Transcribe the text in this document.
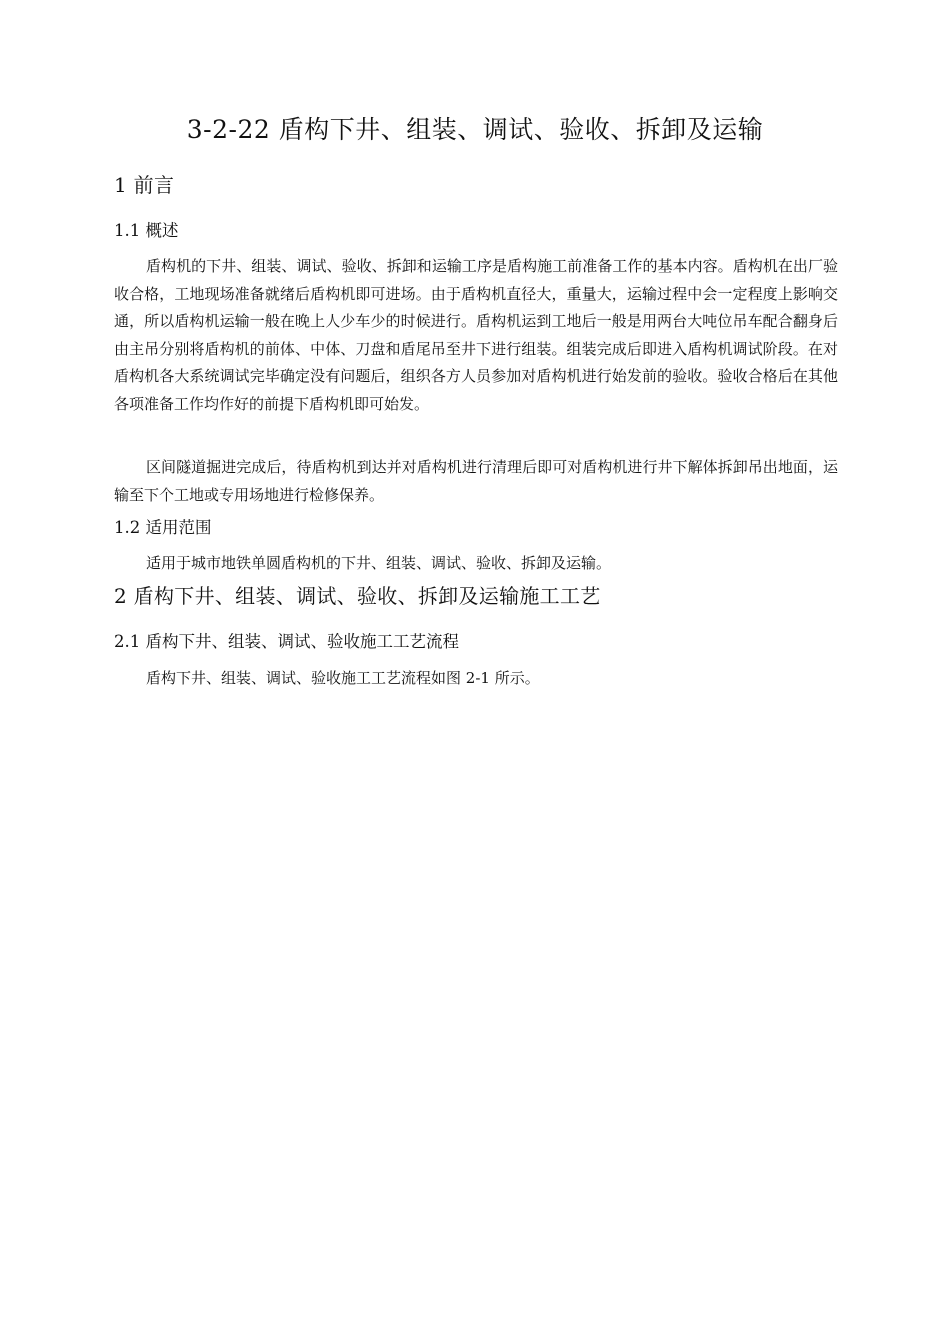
3-2-22 盾构下井、组装、调试、验收、拆卸及运输
1 前言
1.1 概述

盾构机的下井、组装、调试、验收、拆卸和运输工序是盾构施工前准备工作的基本内容。盾构机在出厂验收合格，工地现场准备就绪后盾构机即可进场。由于盾构机直径大，重量大，运输过程中会一定程度上影响交通，所以盾构机运输一般在晚上人少车少的时候进行。盾构机运到工地后一般是用两台大吨位吊车配合翻身后由主吊分别将盾构机的前体、中体、刀盘和盾尾吊至井下进行组装。组装完成后即进入盾构机调试阶段。在对盾构机各大系统调试完毕确定没有问题后，组织各方人员参加对盾构机进行始发前的验收。验收合格后在其他各项准备工作均作好的前提下盾构机即可始发。

区间隧道掘进完成后，待盾构机到达并对盾构机进行清理后即可对盾构机进行井下解体拆卸吊出地面，运输至下个工地或专用场地进行检修保养。

1.2 适用范围

适用于城市地铁单圆盾构机的下井、组装、调试、验收、拆卸及运输。

2 盾构下井、组装、调试、验收、拆卸及运输施工工艺
2.1 盾构下井、组装、调试、验收施工工艺流程

盾构下井、组装、调试、验收施工工艺流程如图 2-1 所示。
